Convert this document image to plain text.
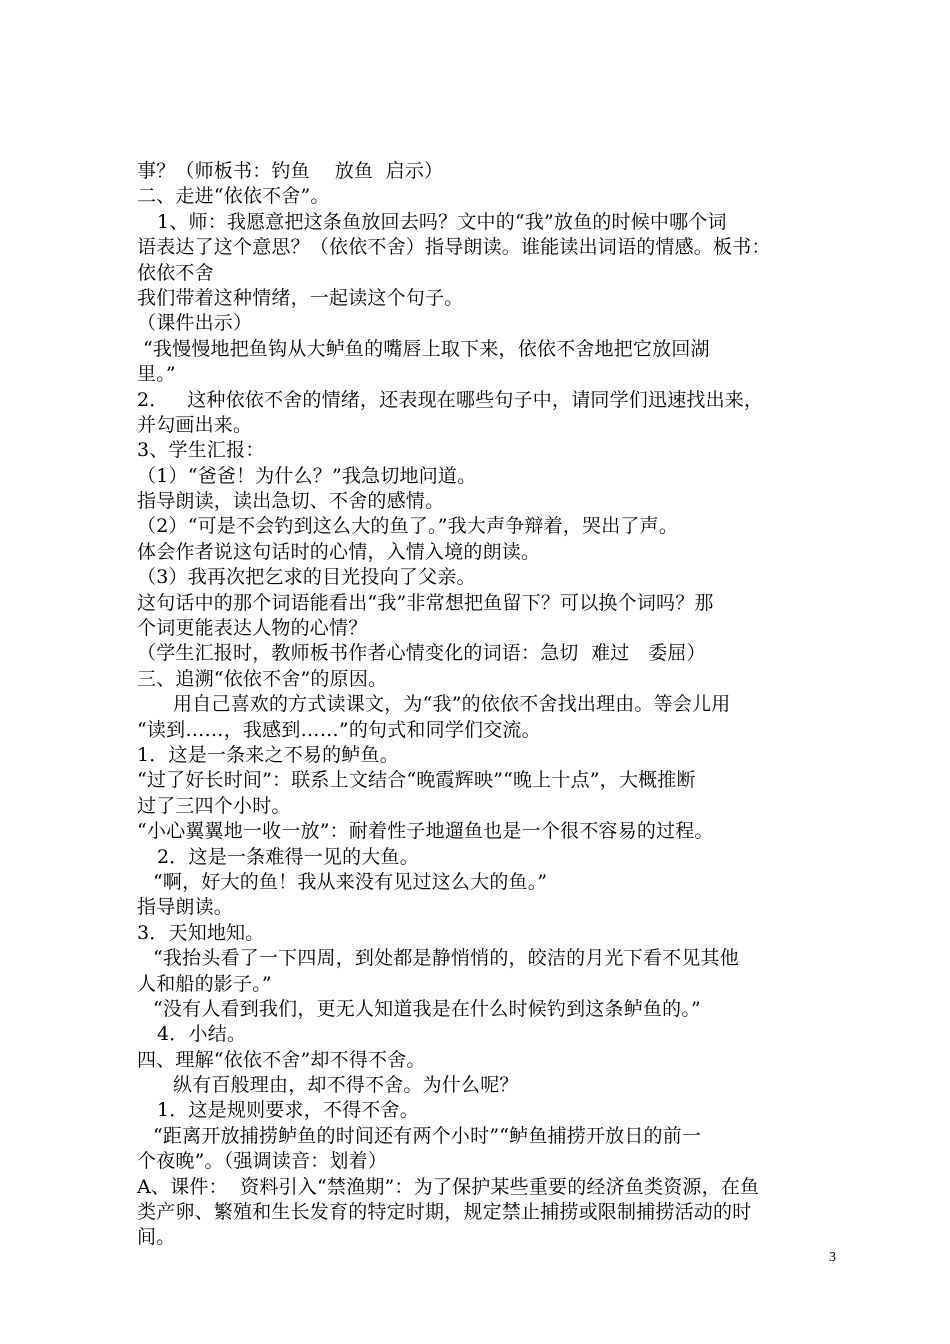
事？（师板书：钓鱼    放鱼  启示）
二、走进“依依不舍”。
1、师：我愿意把这条鱼放回去吗？文中的“我”放鱼的时候中哪个词
语表达了这个意思？（依依不舍）指导朗读。谁能读出词语的情感。板书：
依依不舍
我们带着这种情绪，一起读这个句子。
（课件出示）
“我慢慢地把鱼钩从大鲈鱼的嘴唇上取下来，依依不舍地把它放回湖
里。”
2．   这种依依不舍的情绪，还表现在哪些句子中，请同学们迅速找出来，
并勾画出来。
3、学生汇报：
（1）“爸爸！为什么？”我急切地问道。
指导朗读，读出急切、不舍的感情。
（2）“可是不会钓到这么大的鱼了。”我大声争辩着，哭出了声。
体会作者说这句话时的心情，入情入境的朗读。
（3）我再次把乞求的目光投向了父亲。
这句话中的那个词语能看出“我”非常想把鱼留下？可以换个词吗？那
个词更能表达人物的心情？
（学生汇报时，教师板书作者心情变化的词语：急切  难过   委屈）
三、追溯“依依不舍”的原因。
用自己喜欢的方式读课文，为“我”的依依不舍找出理由。等会儿用
“读到……，我感到……”的句式和同学们交流。
1．这是一条来之不易的鲈鱼。
“过了好长时间”：联系上文结合“晚霞辉映”“晚上十点”，大概推断
过了三四个小时。
“小心翼翼地一收一放”：耐着性子地遛鱼也是一个很不容易的过程。
2．这是一条难得一见的大鱼。
“啊，好大的鱼！我从来没有见过这么大的鱼。”
指导朗读。
3．天知地知。
“我抬头看了一下四周，到处都是静悄悄的，皎洁的月光下看不见其他
人和船的影子。”
“没有人看到我们，更无人知道我是在什么时候钓到这条鲈鱼的。”
4．小结。
四、理解“依依不舍”却不得不舍。
纵有百般理由，却不得不舍。为什么呢？
1．这是规则要求，不得不舍。
“距离开放捕捞鲈鱼的时间还有两个小时”“鲈鱼捕捞开放日的前一
个夜晚”。（强调读音：划着）
A、课件：  资料引入“禁渔期”：为了保护某些重要的经济鱼类资源，在鱼
类产卵、繁殖和生长发育的特定时期，规定禁止捕捞或限制捕捞活动的时
间。
3
